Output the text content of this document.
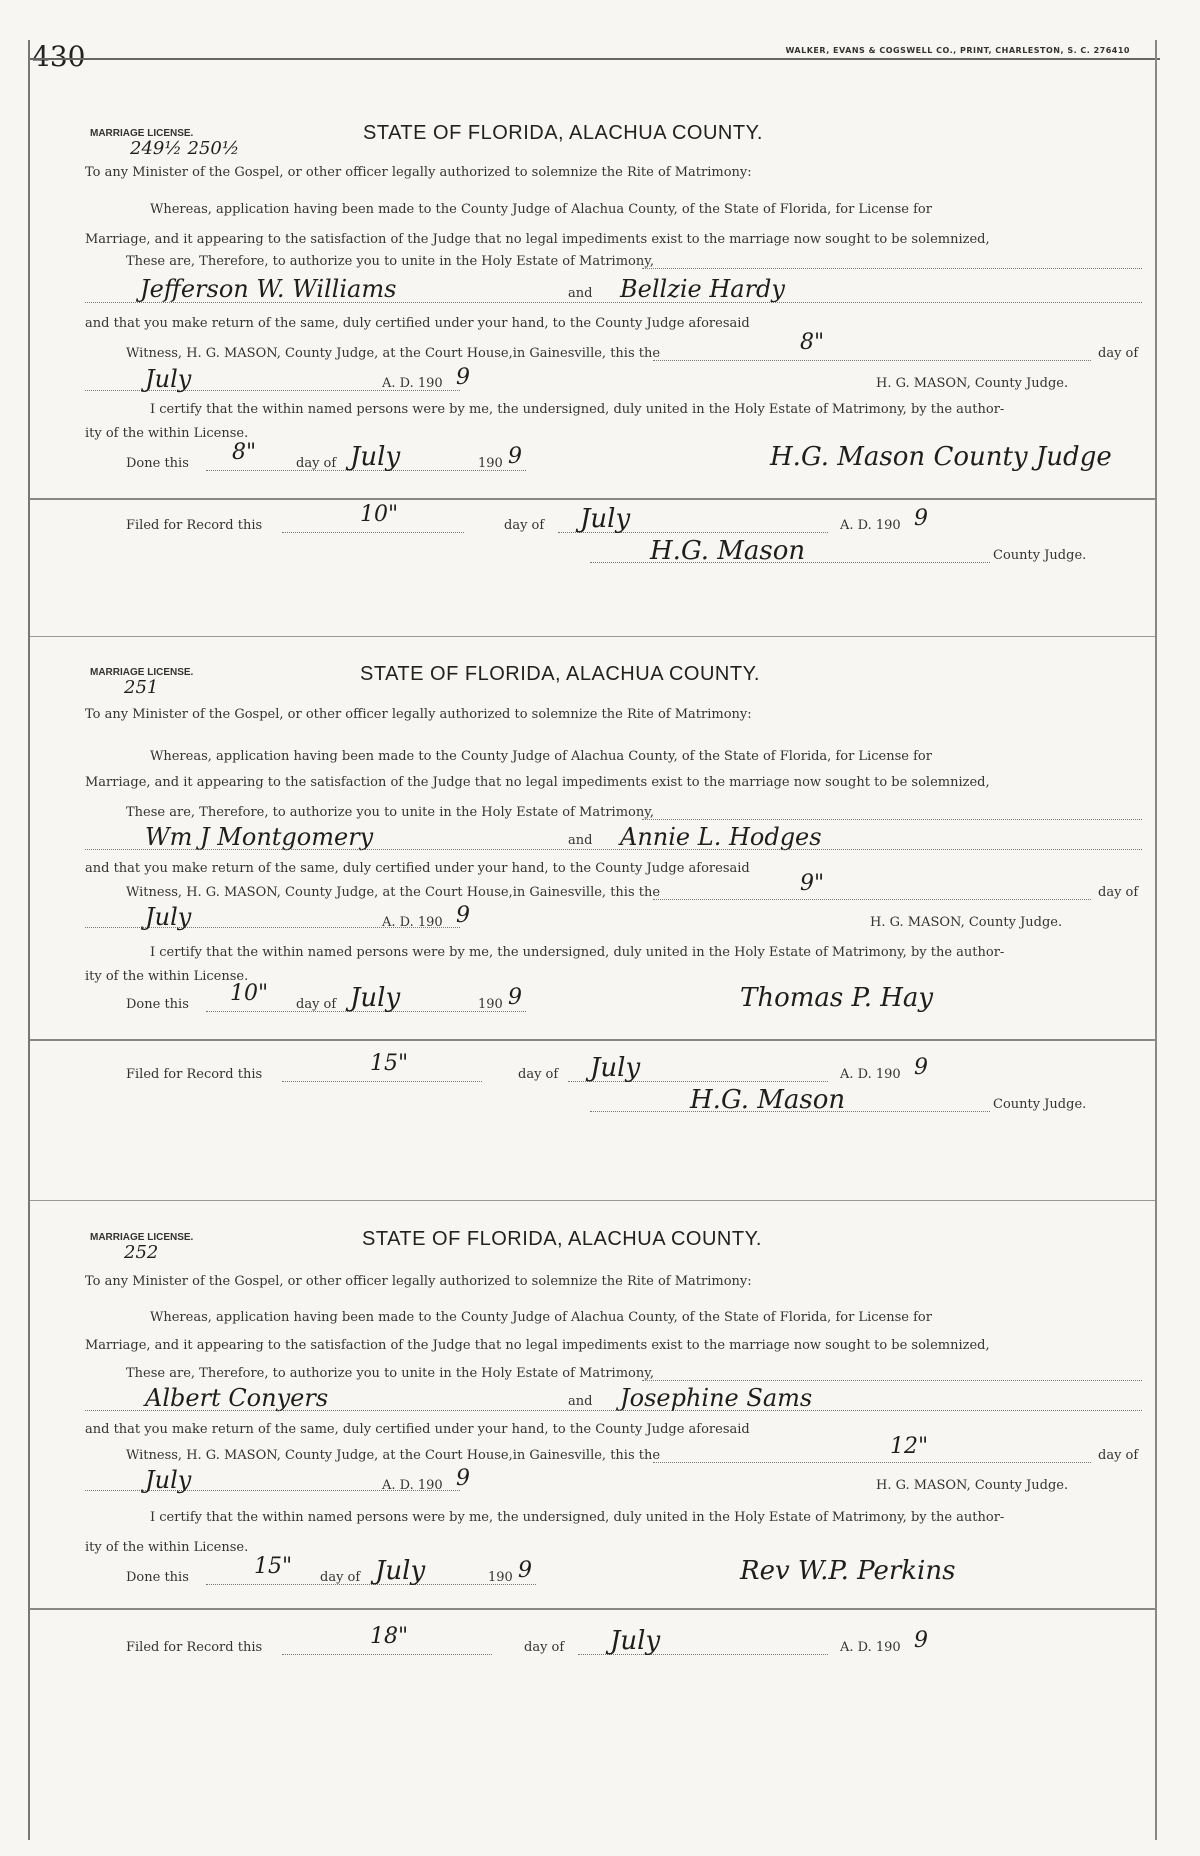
430	WALKER, EVANS & COGSWELL CO., PRINT, CHARLESTON, S. C. 276410
MARRIAGE LICENSE.
249½ 250½
STATE OF FLORIDA, ALACHUA COUNTY.
To any Minister of the Gospel, or other officer legally authorized to solemnize the Rite of Matrimony:
Whereas, application having been made to the County Judge of Alachua County, of the State of Florida, for License for
Marriage, and it appearing to the satisfaction of the Judge that no legal impediments exist to the marriage now sought to be solemnized,
These are, Therefore, to authorize you to unite in the Holy Estate of Matrimony,
Jefferson W. Williams	and Bellzie Hardy
and that you make return of the same, duly certified under your hand, to the County Judge aforesaid
Witness, H. G. MASON, County Judge, at the Court House,in Gainesville, this the	8"	day of
July	A. D. 190 9	H. G. MASON, County Judge.
I certify that the within named persons were by me, the undersigned, duly united in the Holy Estate of Matrimony, by the author-
ity of the within License.
Done this 8"	day of July	190 9	H.G. Mason County Judge
Filed for Record this	10"	day of July	A. D. 190 9
H.G. Mason	County Judge.
MARRIAGE LICENSE.
251
STATE OF FLORIDA, ALACHUA COUNTY.
To any Minister of the Gospel, or other officer legally authorized to solemnize the Rite of Matrimony:
Whereas, application having been made to the County Judge of Alachua County, of the State of Florida, for License for
Marriage, and it appearing to the satisfaction of the Judge that no legal impediments exist to the marriage now sought to be solemnized,
These are, Therefore, to authorize you to unite in the Holy Estate of Matrimony,
Wm J Montgomery	and Annie L. Hodges
and that you make return of the same, duly certified under your hand, to the County Judge aforesaid
Witness, H. G. MASON, County Judge, at the Court House,in Gainesville, this the	9"	day of
July	A. D. 190 9	H. G. MASON, County Judge.
I certify that the within named persons were by me, the undersigned, duly united in the Holy Estate of Matrimony, by the author-
ity of the within License.
Done this 10" day of July	190 9	Thomas P. Hay
Filed for Record this	15"	day of July	A. D. 190 9
H.G. Mason	County Judge.
MARRIAGE LICENSE.
252
STATE OF FLORIDA, ALACHUA COUNTY.
To any Minister of the Gospel, or other officer legally authorized to solemnize the Rite of Matrimony:
Whereas, application having been made to the County Judge of Alachua County, of the State of Florida, for License for
Marriage, and it appearing to the satisfaction of the Judge that no legal impediments exist to the marriage now sought to be solemnized,
These are, Therefore, to authorize you to unite in the Holy Estate of Matrimony,
Albert Conyers	and Josephine Sams
and that you make return of the same, duly certified under your hand, to the County Judge aforesaid
Witness, H. G. MASON, County Judge, at the Court House,in Gainesville, this the	12"	day of
July	A. D. 190 9	H. G. MASON, County Judge.
I certify that the within named persons were by me, the undersigned, duly united in the Holy Estate of Matrimony, by the author-
ity of the within License.
Done this	15" day of July	190 9	Rev W.P. Perkins
Filed for Record this	18"	day of July	A. D. 190 9
